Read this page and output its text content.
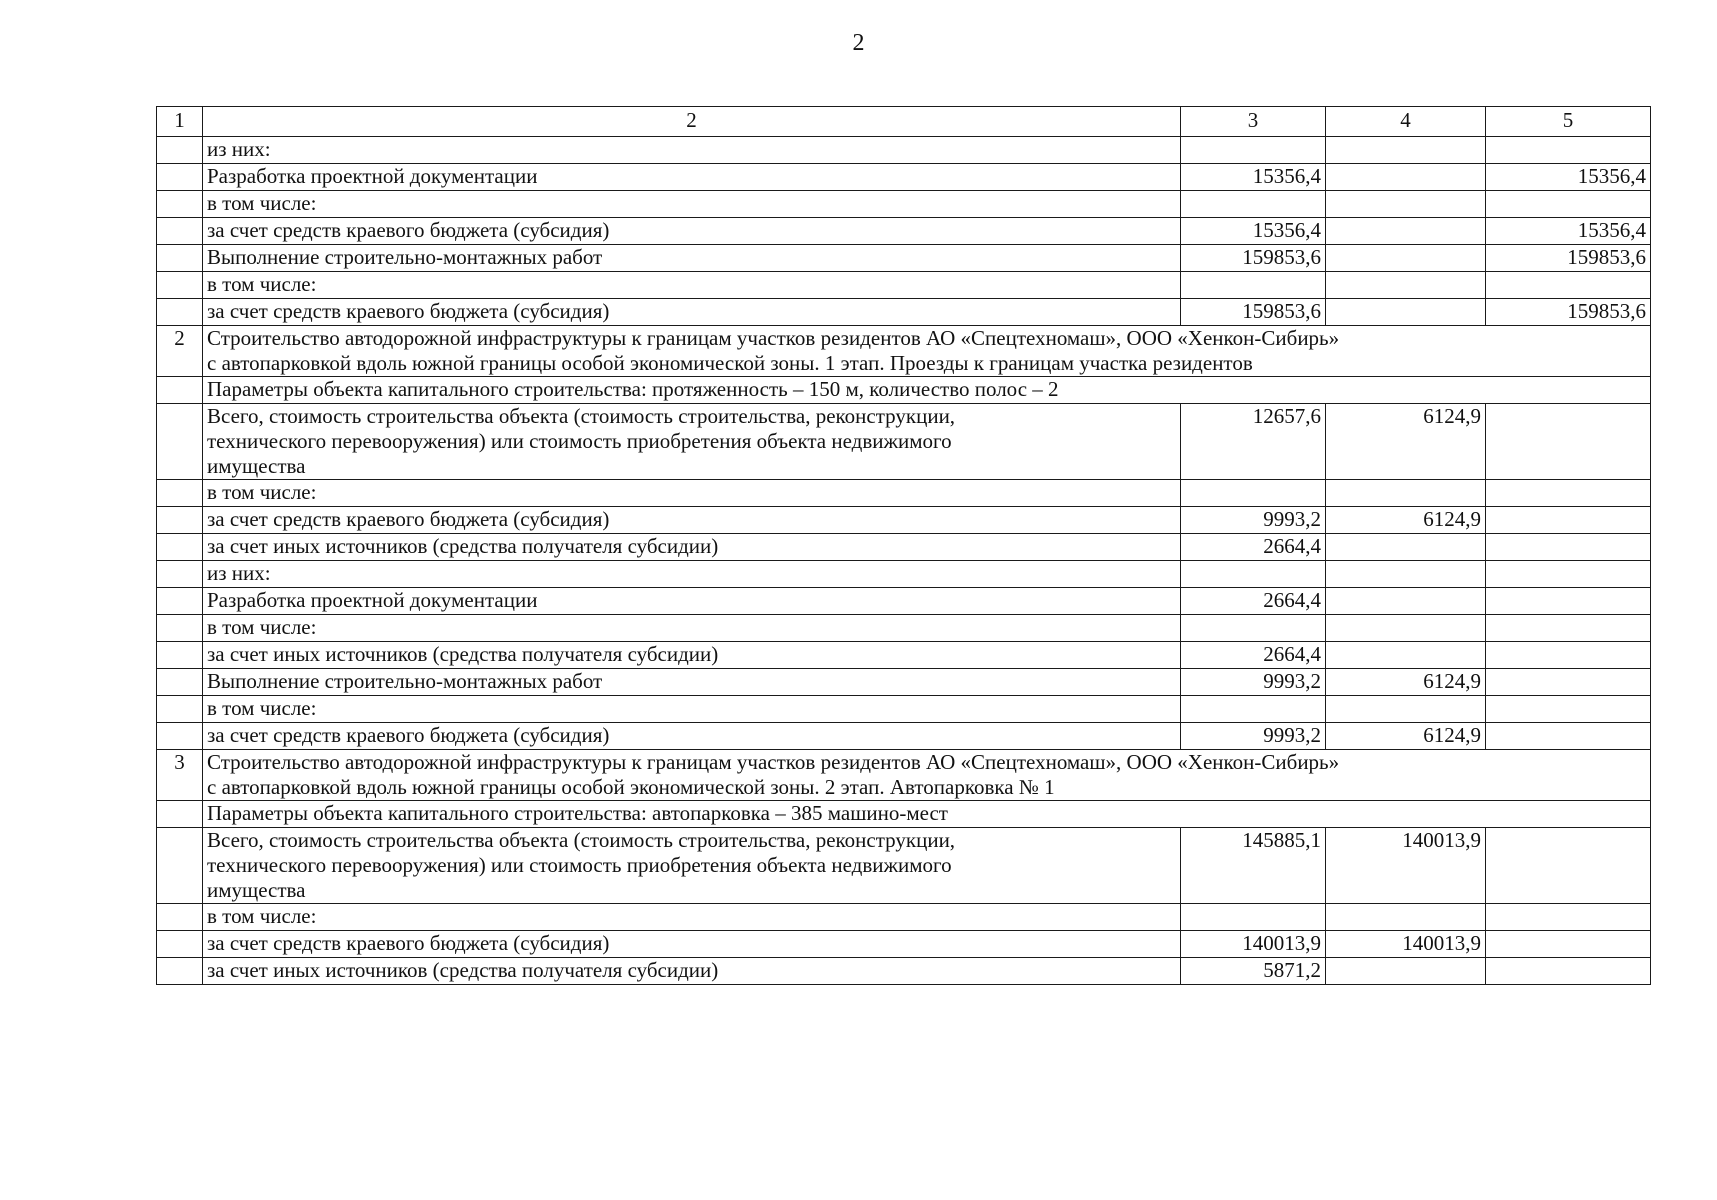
2
1	2	3	4	5
	из них:			
	Разработка проектной документации	15356,4		15356,4
	в том числе:			
	за счет средств краевого бюджета (субсидия)	15356,4		15356,4
	Выполнение строительно-монтажных работ	159853,6		159853,6
	в том числе:			
	за счет средств краевого бюджета (субсидия)	159853,6		159853,6
2	Строительство автодорожной инфраструктуры к границам участков резидентов АО «Спецтехномаш», ООО «Хенкон-Сибирь»
с автопарковкой вдоль южной границы особой экономической зоны. 1 этап. Проезды к границам участка резидентов			

	Параметры объекта капитального строительства: протяженность – 150 м, количество полос – 2			

	Всего, стоимость строительства объекта (стоимость строительства, реконструкции,
технического перевооружения) или стоимость приобретения объекта недвижимого
имущества	12657,6	6124,9	
	в том числе:			
	за счет средств краевого бюджета (субсидия)	9993,2	6124,9	
	за счет иных источников (средства получателя субсидии)	2664,4		
	из них:			
	Разработка проектной документации	2664,4		
	в том числе:			
	за счет иных источников (средства получателя субсидии)	2664,4		
	Выполнение строительно-монтажных работ	9993,2	6124,9	
	в том числе:			
	за счет средств краевого бюджета (субсидия)	9993,2	6124,9	
3	Строительство автодорожной инфраструктуры к границам участков резидентов АО «Спецтехномаш», ООО «Хенкон-Сибирь»
с автопарковкой вдоль южной границы особой экономической зоны. 2 этап. Автопарковка № 1			

	Параметры объекта капитального строительства: автопарковка – 385 машино-мест			

	Всего, стоимость строительства объекта (стоимость строительства, реконструкции,
технического перевооружения) или стоимость приобретения объекта недвижимого
имущества	145885,1	140013,9	
	в том числе:			
	за счет средств краевого бюджета (субсидия)	140013,9	140013,9	
	за счет иных источников (средства получателя субсидии)	5871,2		
